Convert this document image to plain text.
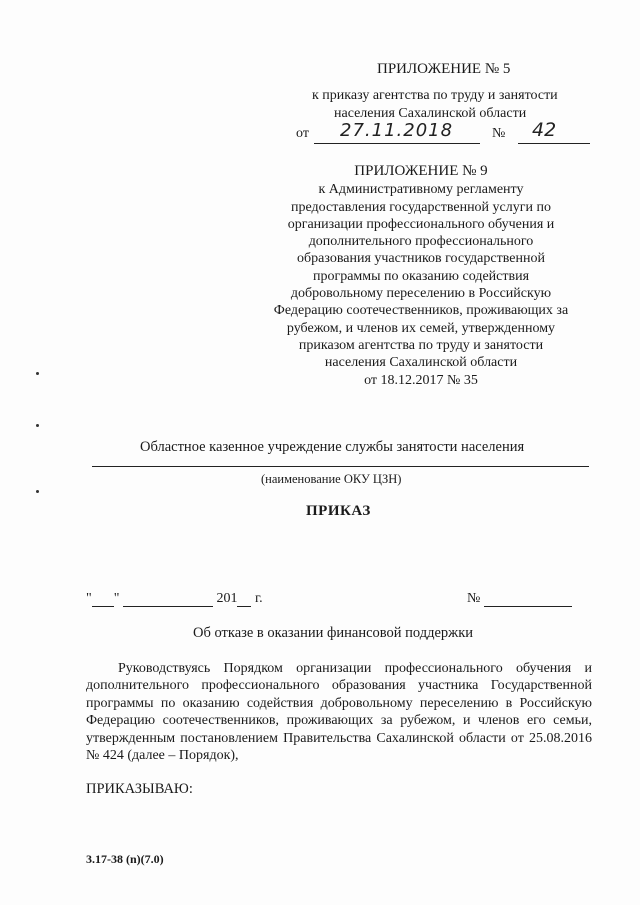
ПРИЛОЖЕНИЕ № 5
к приказу агентства по труду и занятости
населения Сахалинской области
от 27.11.2018	№ 42
ПРИЛОЖЕНИЕ № 9
к Административному регламенту
предоставления государственной услуги по
организации профессионального обучения и
дополнительного профессионального
образования участников государственной
программы по оказанию содействия
добровольному переселению в Российскую
Федерацию соотечественников, проживающих за
рубежом, и членов их семей, утвержденному
приказом агентства по труду и занятости
населения Сахалинской области
от 18.12.2017 № 35
Областное казенное учреждение службы занятости населения
(наименование ОКУ ЦЗН)
ПРИКАЗ
" "	201 г.	№
Об отказе в оказании финансовой поддержки
Руководствуясь Порядком организации профессионального обучения и дополнительного профессионального образования участника Государственной программы по оказанию содействия добровольному переселению в Российскую Федерацию соотечественников, проживающих за рубежом, и членов его семьи, утвержденным постановлением Правительства Сахалинской области от 25.08.2016 № 424 (далее – Порядок),
ПРИКАЗЫВАЮ:
3.17-38 (n)(7.0)
